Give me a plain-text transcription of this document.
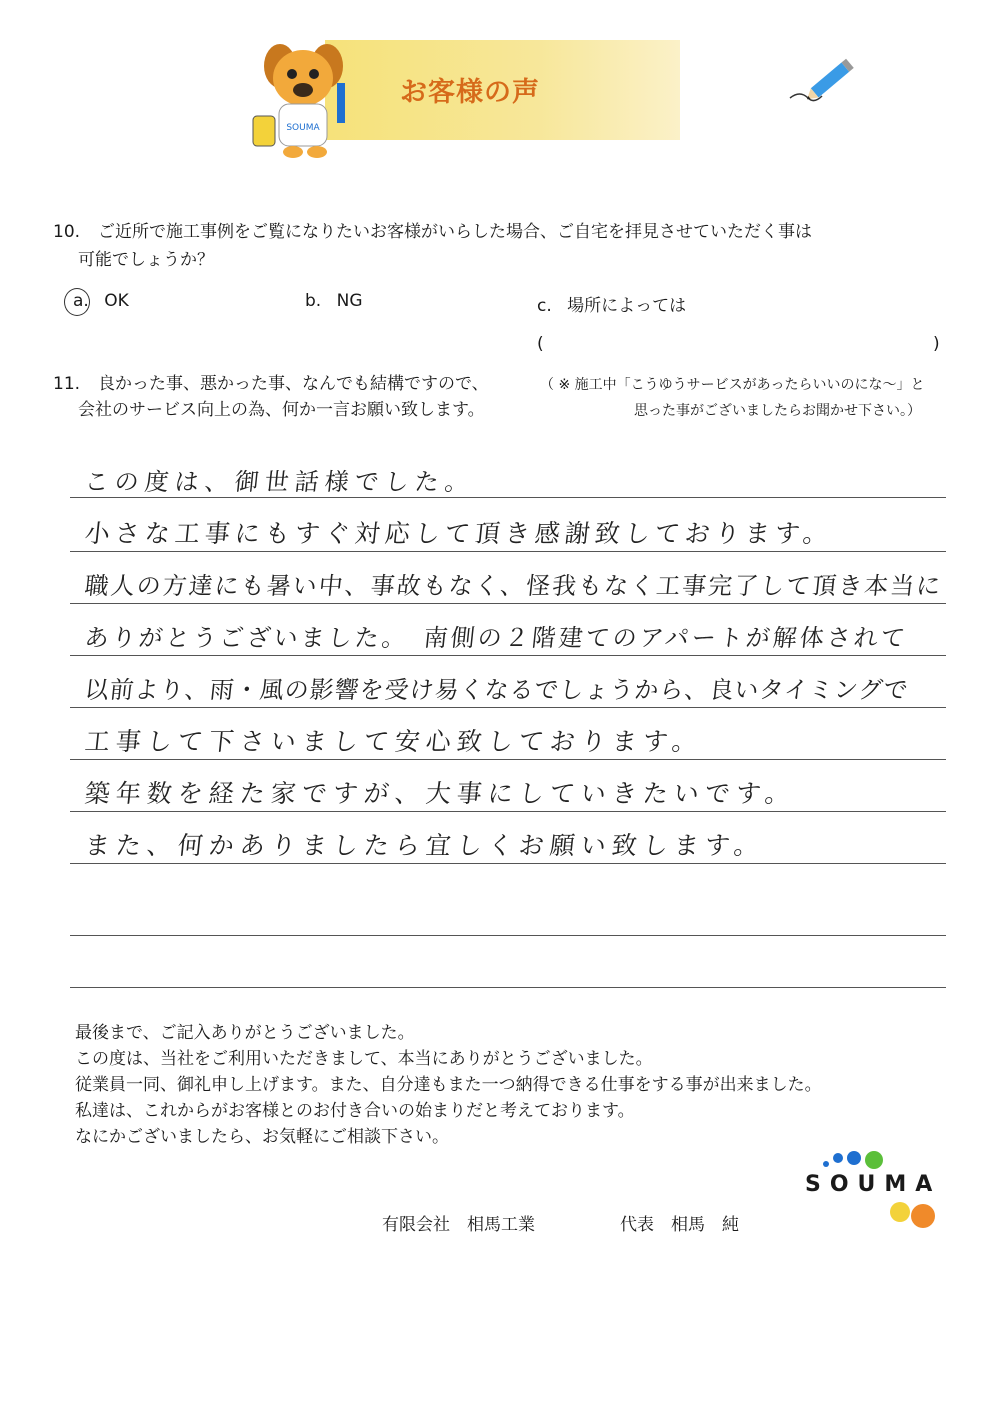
お客様の声
SOUMA
10. ご近所で施工事例をご覧になりたいお客様がいらした場合、ご自宅を拝見させていただく事は
可能でしょうか？
a. OK	b. NG	c. 場所によっては
(	)
11. 良かった事、悪かった事、なんでも結構ですので、
会社のサービス向上の為、何か一言お願い致します。
（ ※ 施工中「こうゆうサービスがあったらいいのにな～」と
思った事がございましたらお聞かせ下さい。）
この度は、御世話様でした。
小さな工事にもすぐ対応して頂き感謝致しております。
職人の方達にも暑い中、事故もなく、怪我もなく工事完了して頂き本当に
ありがとうございました。　南側の２階建てのアパートが解体されて
以前より、雨・風の影響を受け易くなるでしょうから、良いタイミングで
工事して下さいまして安心致しております。
築年数を経た家ですが、大事にしていきたいです。
また、何かありましたら宜しくお願い致します。
最後まで、ご記入ありがとうございました。
この度は、当社をご利用いただきまして、本当にありがとうございました。
従業員一同、御礼申し上げます。また、自分達もまた一つ納得できる仕事をする事が出来ました。
私達は、これからがお客様とのお付き合いの始まりだと考えております。
なにかございましたら、お気軽にご相談下さい。
有限会社　相馬工業	代表　相馬　純
SOUMA
